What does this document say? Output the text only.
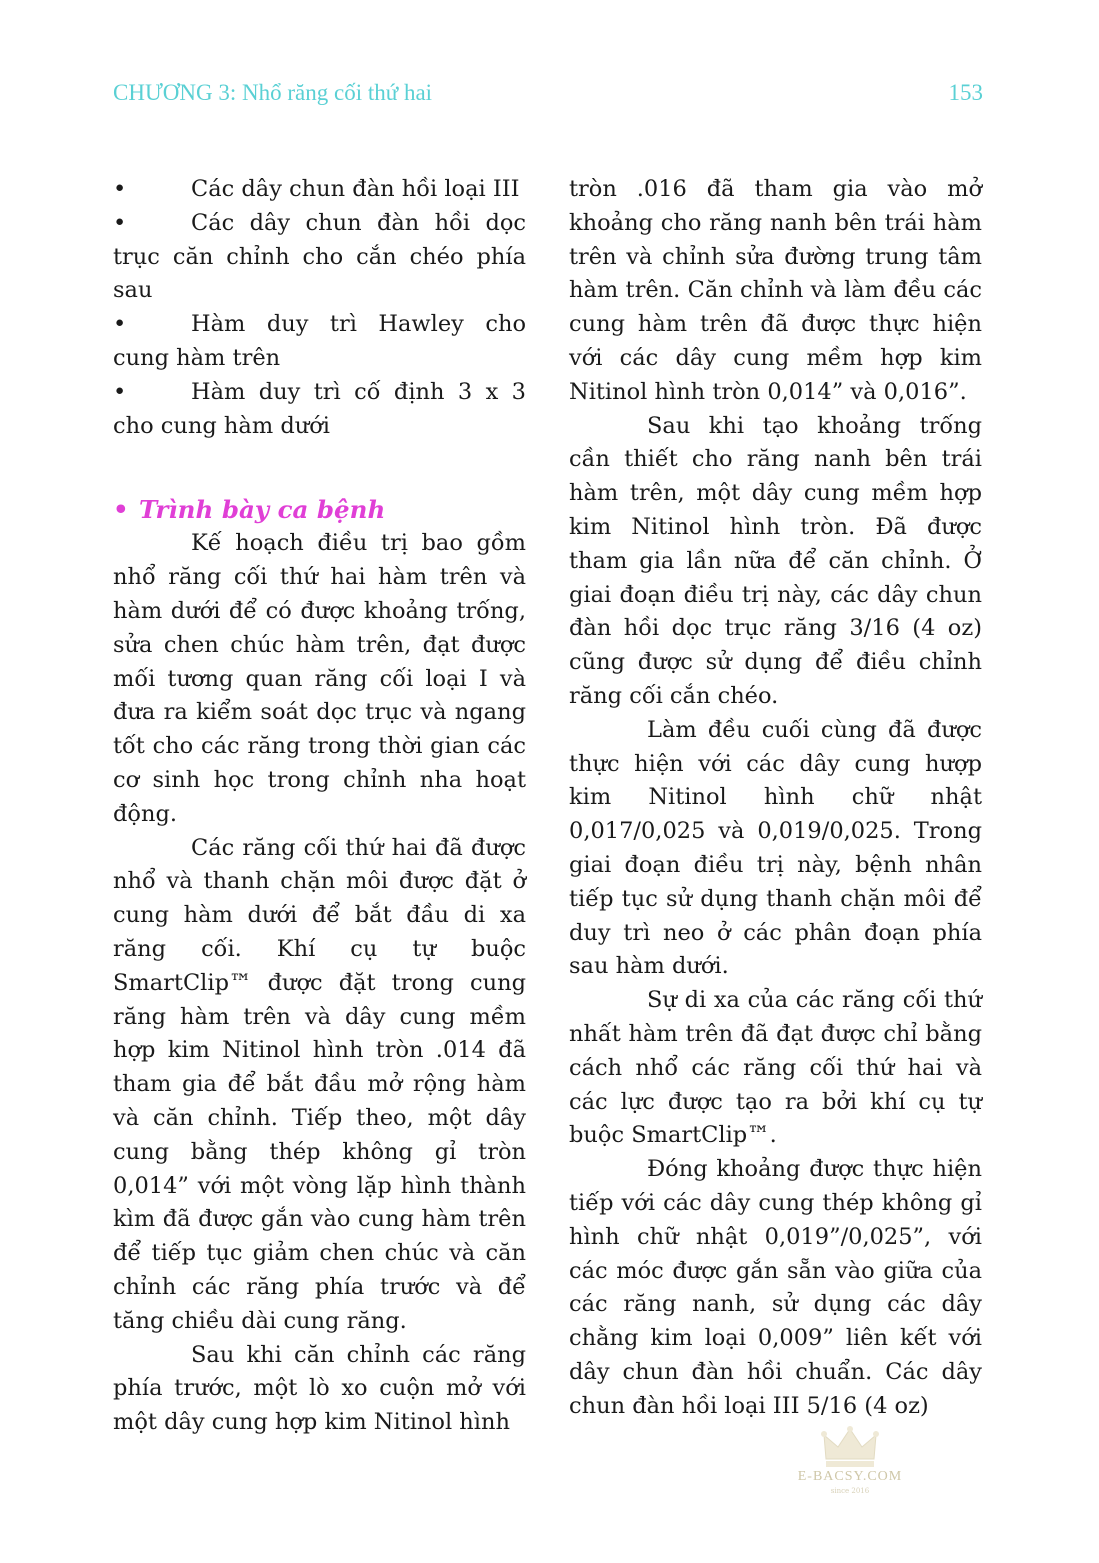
CHƯƠNG 3: Nhổ răng cối thứ hai	153
•	Các dây chun đàn hồi loại III
•	Các dây chun đàn hồi dọc trục căn chỉnh cho cắn chéo phía sau
•	Hàm duy trì Hawley cho cung hàm trên
•	Hàm duy trì cố định 3 x 3 cho cung hàm dưới
• Trình bày ca bệnh

Kế hoạch điều trị bao gồm nhổ răng cối thứ hai hàm trên và hàm dưới để có được khoảng trống, sửa chen chúc hàm trên, đạt được mối tương quan răng cối loại I và đưa ra kiểm soát dọc trục và ngang tốt cho các răng trong thời gian các cơ sinh học trong chỉnh nha hoạt động.

Các răng cối thứ hai đã được nhổ và thanh chặn môi được đặt ở cung hàm dưới để bắt đầu di xa răng cối. Khí cụ tự buộc SmartClip™ được đặt trong cung răng hàm trên và dây cung mềm hợp kim Nitinol hình tròn .014 đã tham gia để bắt đầu mở rộng hàm và căn chỉnh. Tiếp theo, một dây cung bằng thép không gỉ tròn 0,014” với một vòng lặp hình thành kìm đã được gắn vào cung hàm trên để tiếp tục giảm chen chúc và căn chỉnh các răng phía trước và để tăng chiều dài cung răng.

Sau khi căn chỉnh các răng phía trước, một lò xo cuộn mở với một dây cung hợp kim Nitinol hình

tròn .016 đã tham gia vào mở khoảng cho răng nanh bên trái hàm trên và chỉnh sửa đường trung tâm hàm trên. Căn chỉnh và làm đều các cung hàm trên đã được thực hiện với các dây cung mềm hợp kim Nitinol hình tròn 0,014” và 0,016”.

Sau khi tạo khoảng trống cần thiết cho răng nanh bên trái hàm trên, một dây cung mềm hợp kim Nitinol hình tròn. Đã được tham gia lần nữa để căn chỉnh. Ở giai đoạn điều trị này, các dây chun đàn hồi dọc trục răng 3/16 (4 oz) cũng được sử dụng để điều chỉnh răng cối cắn chéo.

Làm đều cuối cùng đã được thực hiện với các dây cung hượp kim Nitinol hình chữ nhật 0,017/0,025 và 0,019/0,025. Trong giai đoạn điều trị này, bệnh nhân tiếp tục sử dụng thanh chặn môi để duy trì neo ở các phân đoạn phía sau hàm dưới.

Sự di xa của các răng cối thứ nhất hàm trên đã đạt được chỉ bằng cách nhổ các răng cối thứ hai và các lực được tạo ra bởi khí cụ tự buộc SmartClip™.

Đóng khoảng được thực hiện tiếp với các dây cung thép không gỉ hình chữ nhật 0,019”/0,025”, với các móc được gắn sẵn vào giữa của các răng nanh, sử dụng các dây chằng kim loại 0,009” liên kết với dây chun đàn hồi chuẩn. Các dây chun đàn hồi loại III 5/16 (4 oz)

E-BACSY.COM
since 2016
